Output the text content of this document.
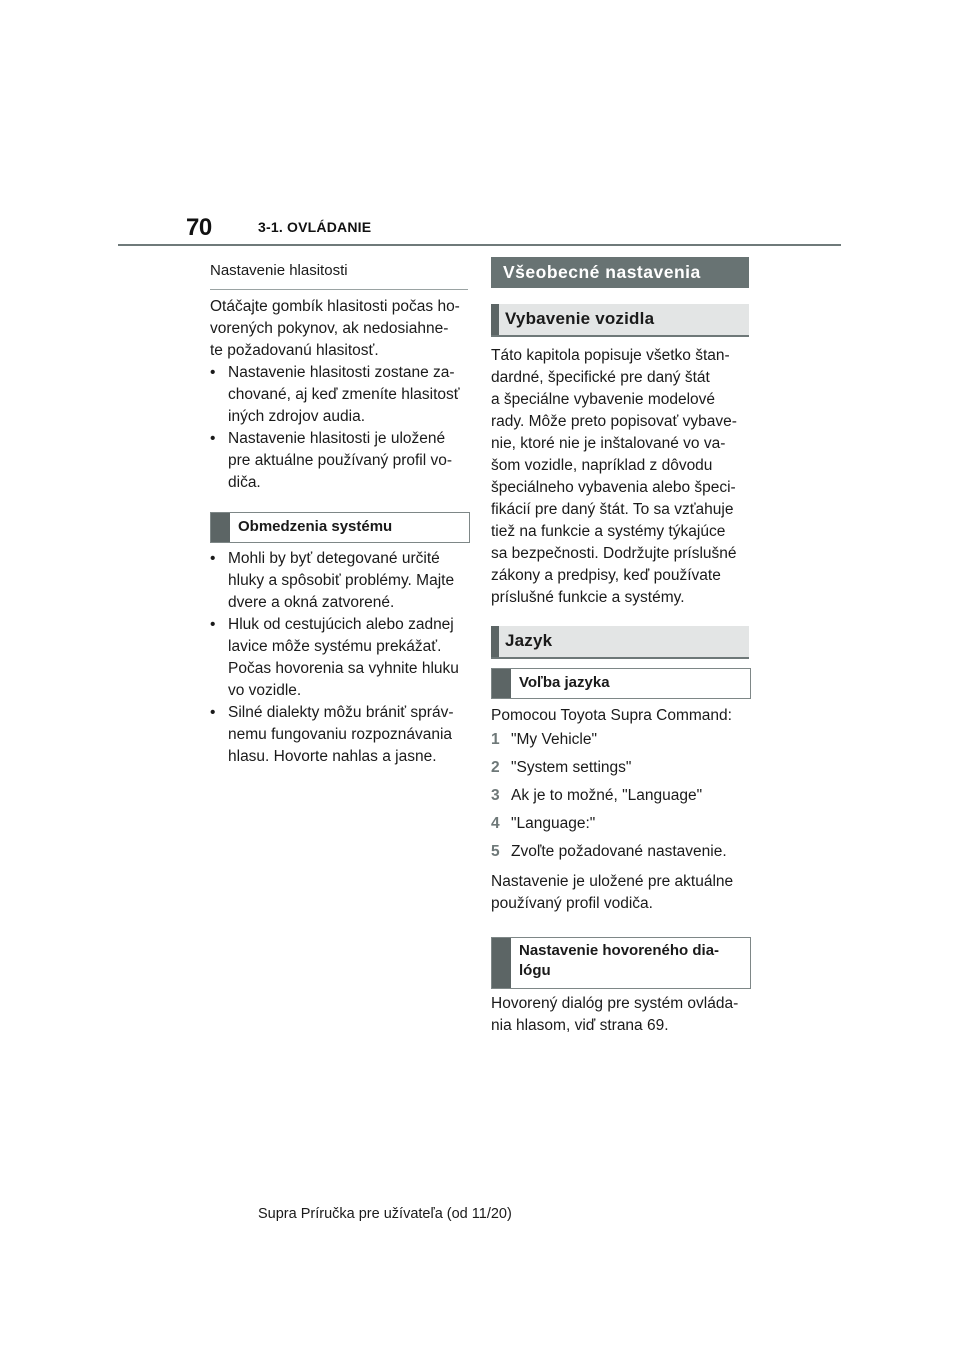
70	3-1. OVLÁDANIE
Nastavenie hlasitosti
Otáčajte gombík hlasitosti počas ho-
vorených pokynov, ak nedosiahne-
te požadovanú hlasitosť.
• Nastavenie hlasitosti zostane za-
chované, aj keď zmeníte hlasitosť
iných zdrojov audia.
• Nastavenie hlasitosti je uložené
pre aktuálne používaný profil vo-
diča.
Obmedzenia systému
• Mohli by byť detegované určité
hluky a spôsobiť problémy. Majte
dvere a okná zatvorené.
• Hluk od cestujúcich alebo zadnej
lavice môže systému prekážať.
Počas hovorenia sa vyhnite hluku
vo vozidle.
• Silné dialekty môžu brániť správ-
nemu fungovaniu rozpoznávania
hlasu. Hovorte nahlas a jasne.
Všeobecné nastavenia
Vybavenie vozidla
Táto kapitola popisuje všetko štan-
dardné, špecifické pre daný štát
a špeciálne vybavenie modelové
rady. Môže preto popisovať vybave-
nie, ktoré nie je inštalované vo va-
šom vozidle, napríklad z dôvodu
špeciálneho vybavenia alebo špeci-
fikácií pre daný štát. To sa vzťahuje
tiež na funkcie a systémy týkajúce
sa bezpečnosti. Dodržujte príslušné
zákony a predpisy, keď používate
príslušné funkcie a systémy.
Jazyk
Voľba jazyka
Pomocou Toyota Supra Command:
1 "My Vehicle"
2 "System settings"
3 Ak je to možné, "Language"
4 "Language:"
5 Zvoľte požadované nastavenie.
Nastavenie je uložené pre aktuálne
používaný profil vodiča.
Nastavenie hovoreného dia-
lógu
Hovorený dialóg pre systém ovláda-
nia hlasom, viď strana 69.
Supra Príručka pre užívateľa (od 11/20)
